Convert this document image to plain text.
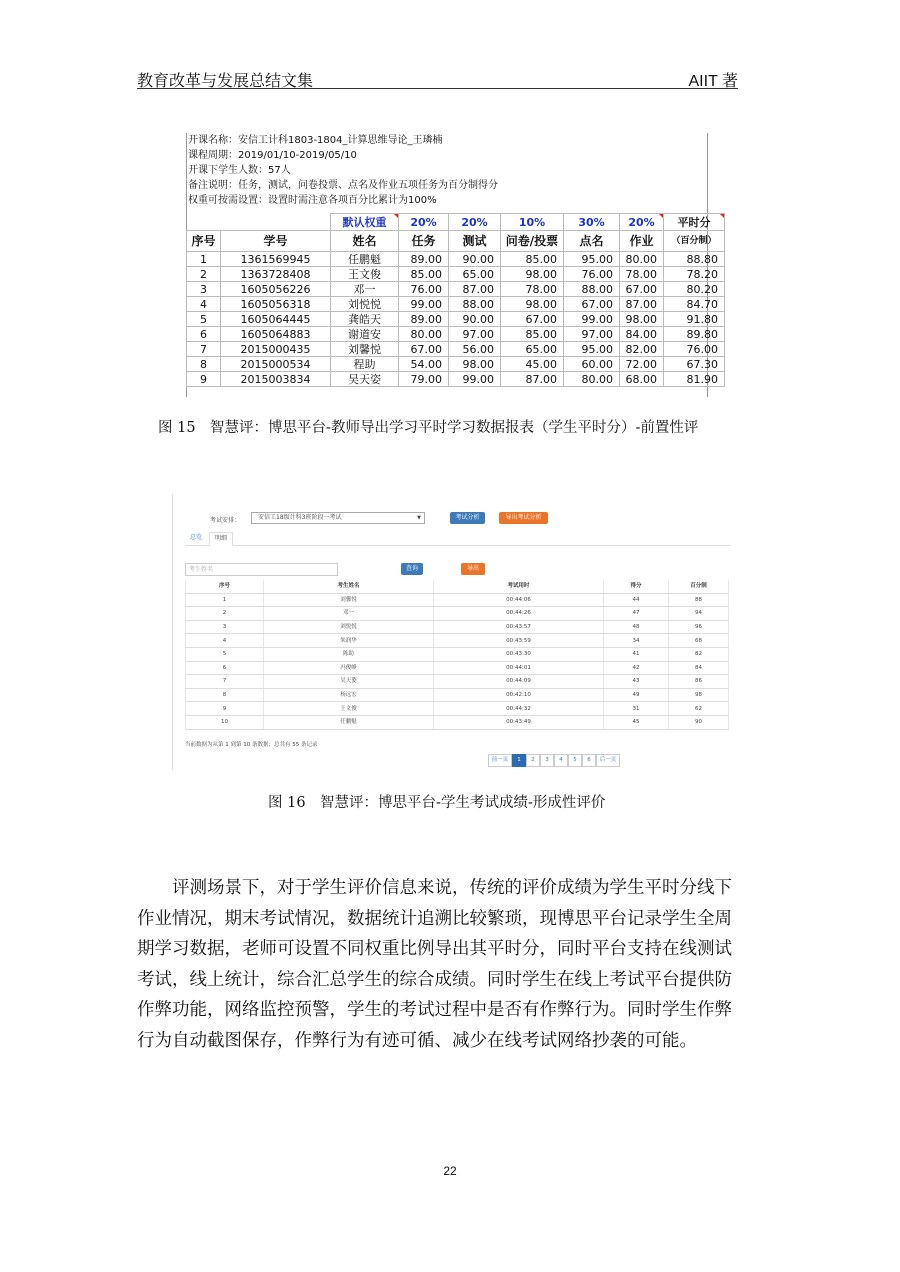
教育改革与发展总结文集	AIIT 著
开课名称：安信工计科1803-1804_计算思维导论_王璘楠
课程周期：2019/01/10-2019/05/10
开课下学生人数：57人
备注说明：任务，测试，问卷投票、点名及作业五项任务为百分制得分
权重可按需设置：设置时需注意各项百分比累计为100%
		默认权重	20%	20%	10%	30%	20%	平时分
序号	学号	姓名	任务	测试	问卷/投票	点名	作业	（百分制）
1	1361569945	任鹏魁	89.00	90.00	85.00	95.00	80.00	88.80
2	1363728408	王文俊	85.00	65.00	98.00	76.00	78.00	78.20
3	1605056226	邓一	76.00	87.00	78.00	88.00	67.00	80.20
4	1605056318	刘悦悦	99.00	88.00	98.00	67.00	87.00	84.70
5	1605064445	龚皓天	89.00	90.00	67.00	99.00	98.00	91.80
6	1605064883	谢道安	80.00	97.00	85.00	97.00	84.00	89.80
7	2015000435	刘馨悦	67.00	56.00	65.00	95.00	82.00	76.00
8	2015000534	程助	54.00	98.00	45.00	60.00	72.00	67.30
9	2015003834	吴天姿	79.00	99.00	87.00	80.00	68.00	81.90
图 15　智慧评：博思平台-教师导出学习平时学习数据报表（学生平时分）-前置性评
考试安排：	安信工18级计科3班阶段一考试	▼	考试分析	导出考试分析
总览	明细
考生姓名	查询	导出
序号	考生姓名	考试用时	得分	百分制
1	刘馨悦	00:44:06	44	88
2	邓一	00:44:26	47	94
3	刘悦悦	00:43:57	48	96
4	朱润华	00:43:59	34	68
5	陈助	00:43:30	41	82
6	冯俊峰	00:44:01	42	84
7	吴天姿	00:44:09	43	86
8	杨远宏	00:42:10	49	98
9	王文俊	00:44:32	31	62
10	任鹏魁	00:43:49	45	90
当前数据为从第 1 到第 10 条数据；总共有 55 条记录
前一页	1	2	3	4	5	6	后一页
图 16　智慧评：博思平台-学生考试成绩-形成性评价
评测场景下，对于学生评价信息来说，传统的评价成绩为学生平时分线下
作业情况，期末考试情况，数据统计追溯比较繁琐，现博思平台记录学生全周
期学习数据，老师可设置不同权重比例导出其平时分，同时平台支持在线测试
考试，线上统计，综合汇总学生的综合成绩。同时学生在线上考试平台提供防
作弊功能，网络监控预警，学生的考试过程中是否有作弊行为。同时学生作弊
行为自动截图保存，作弊行为有迹可循、减少在线考试网络抄袭的可能。
22
